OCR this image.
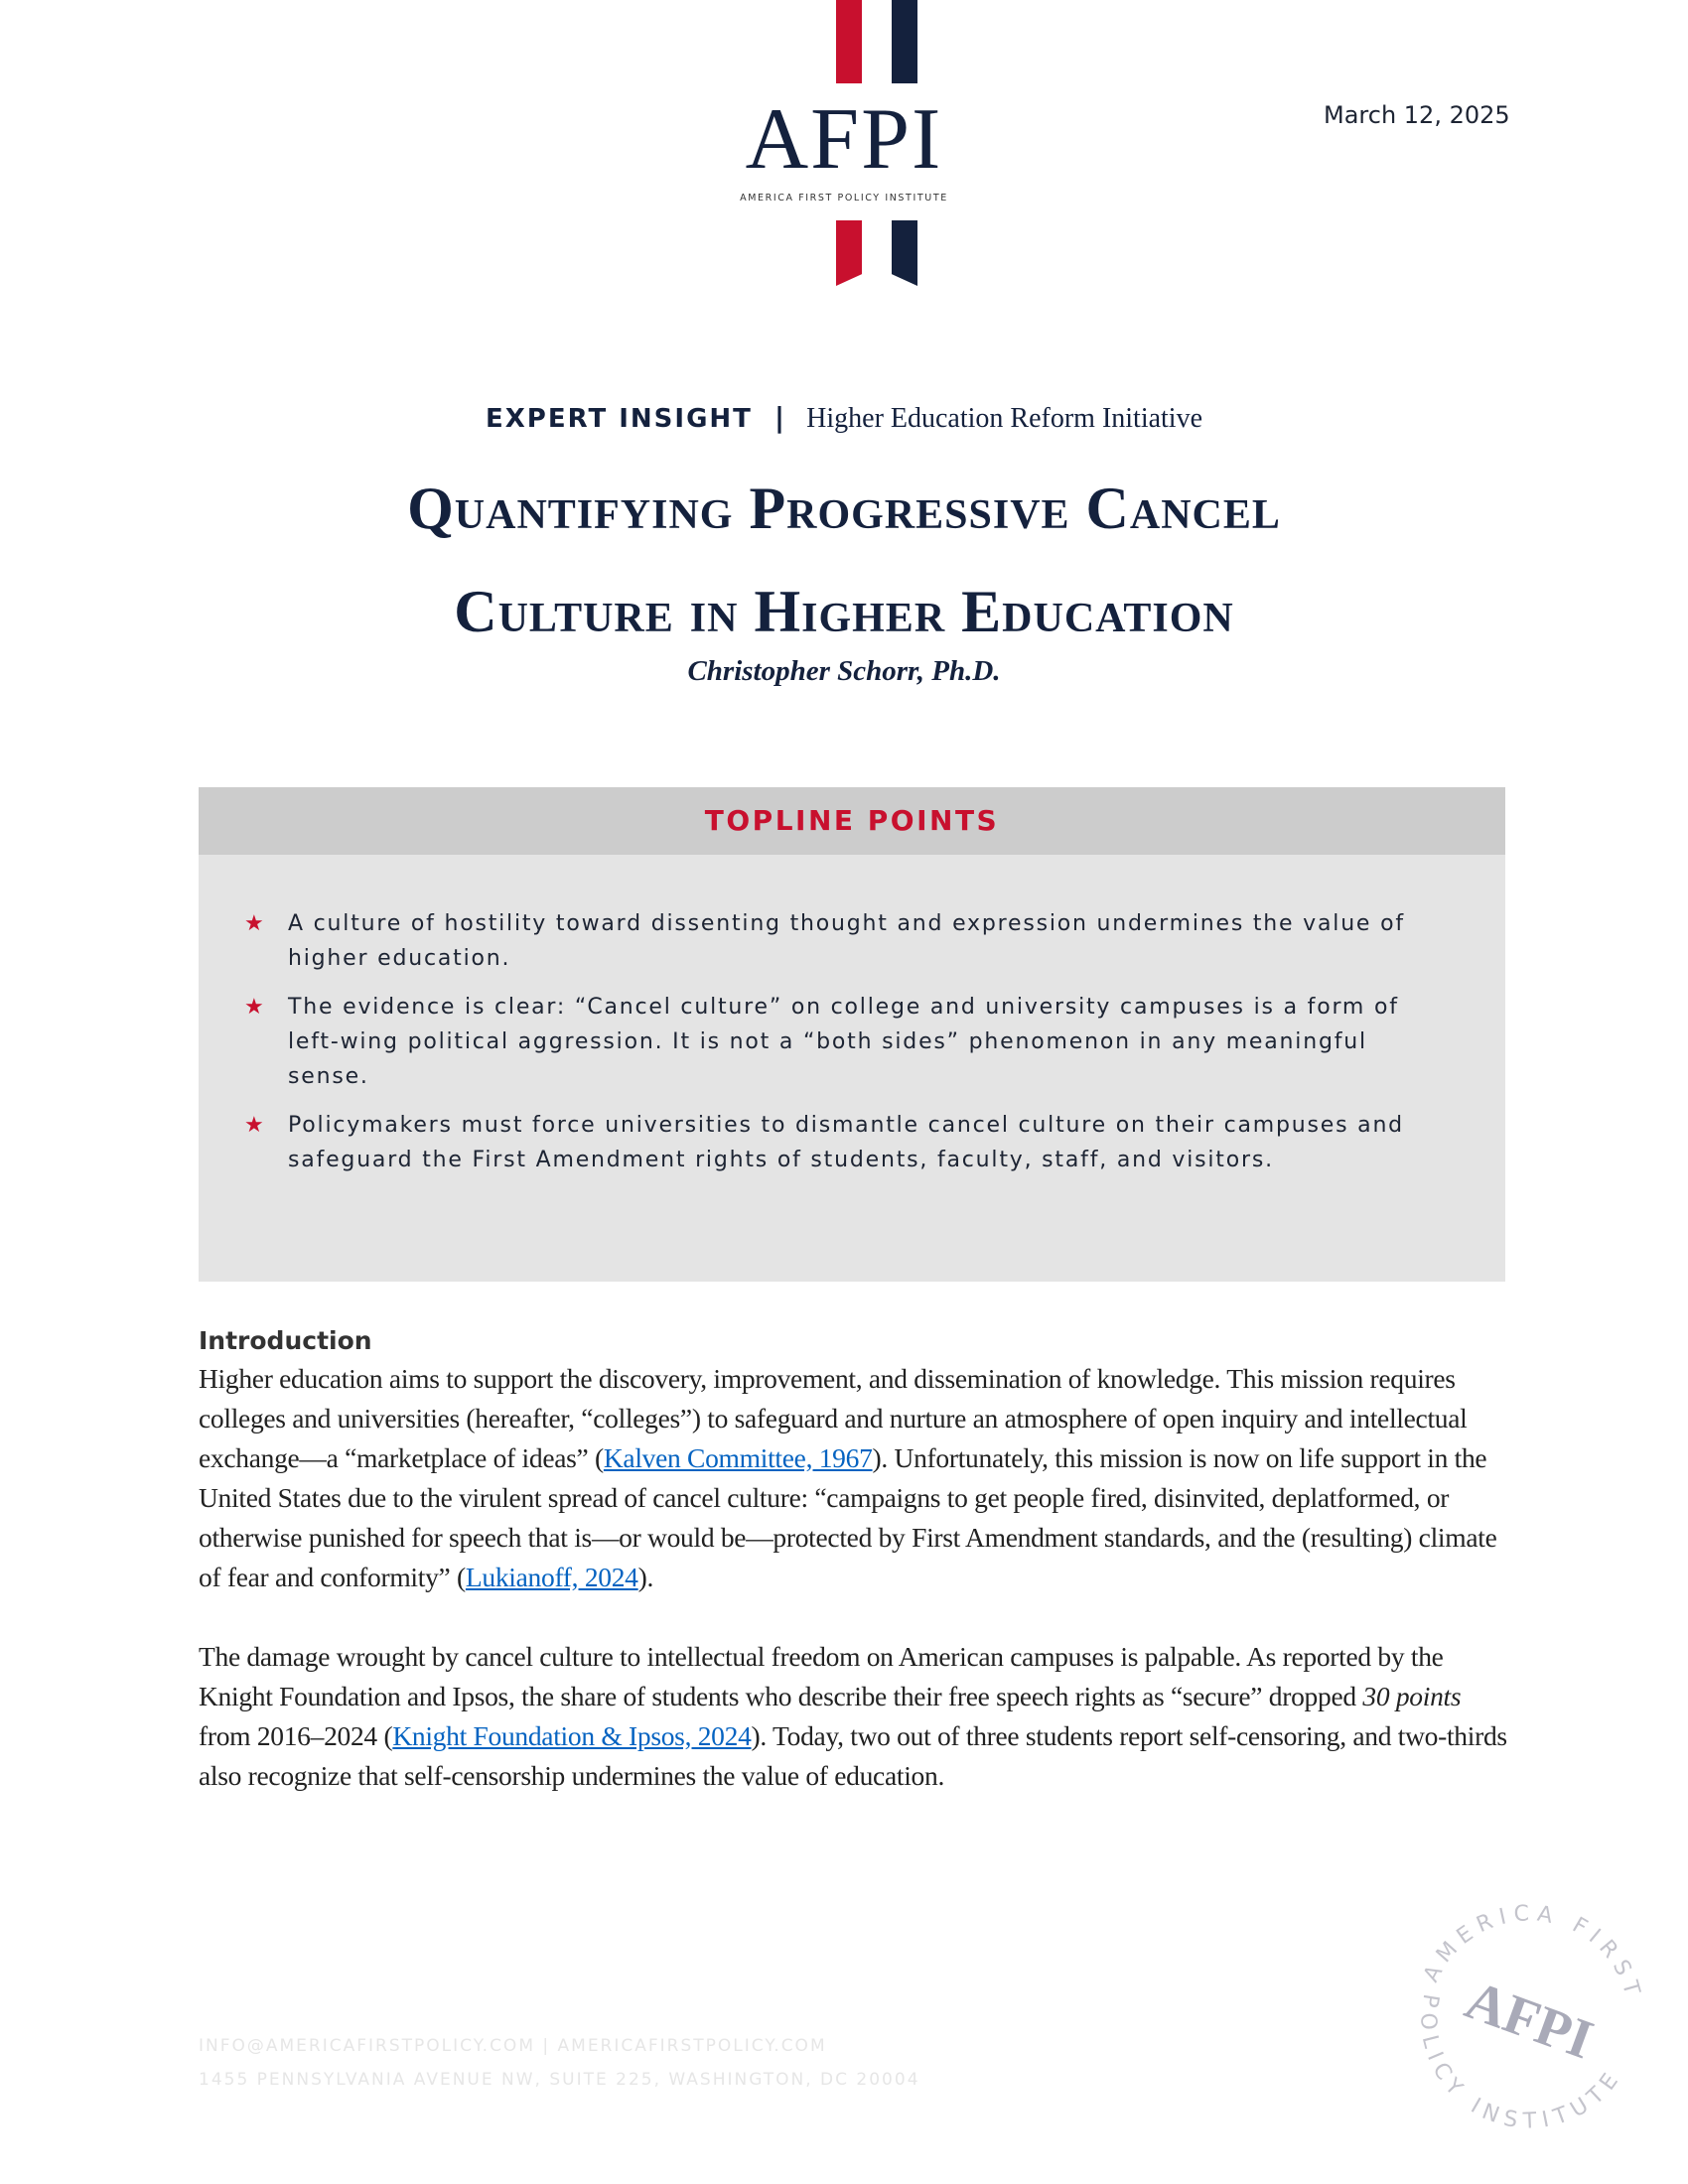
AFPI
AMERICA FIRST POLICY INSTITUTE
March 12, 2025
EXPERT INSIGHT | Higher Education Reform Initiative
Quantifying Progressive Cancel
Culture in Higher Education
Christopher Schorr, Ph.D.
TOPLINE POINTS
★ A culture of hostility toward dissenting thought and expression undermines the value of higher education.
★ The evidence is clear: “Cancel culture” on college and university campuses is a form of left-wing political aggression. It is not a “both sides” phenomenon in any meaningful sense.
★ Policymakers must force universities to dismantle cancel culture on their campuses and safeguard the First Amendment rights of students, faculty, staff, and visitors.
Introduction

Higher education aims to support the discovery, improvement, and dissemination of knowledge. This mission requires colleges and universities (hereafter, “colleges”) to safeguard and nurture an atmosphere of open inquiry and intellectual exchange—a “marketplace of ideas” (Kalven Committee, 1967). Unfortunately, this mission is now on life support in the United States due to the virulent spread of cancel culture: “campaigns to get people fired, disinvited, deplatformed, or otherwise punished for speech that is—or would be—protected by First Amendment standards, and the (resulting) climate of fear and conformity” (Lukianoff, 2024).

The damage wrought by cancel culture to intellectual freedom on American campuses is palpable. As reported by the Knight Foundation and Ipsos, the share of students who describe their free speech rights as “secure” dropped 30 points from 2016–2024 (Knight Foundation & Ipsos, 2024). Today, two out of three students report self-censoring, and two-thirds also recognize that self-censorship undermines the value of education.

INFO@AMERICAFIRSTPOLICY.COM | AMERICAFIRSTPOLICY.COM
1455 PENNSYLVANIA AVENUE NW, SUITE 225, WASHINGTON, DC 20004
AMERICA FIRST
POLICY INSTITUTE
AFPI
